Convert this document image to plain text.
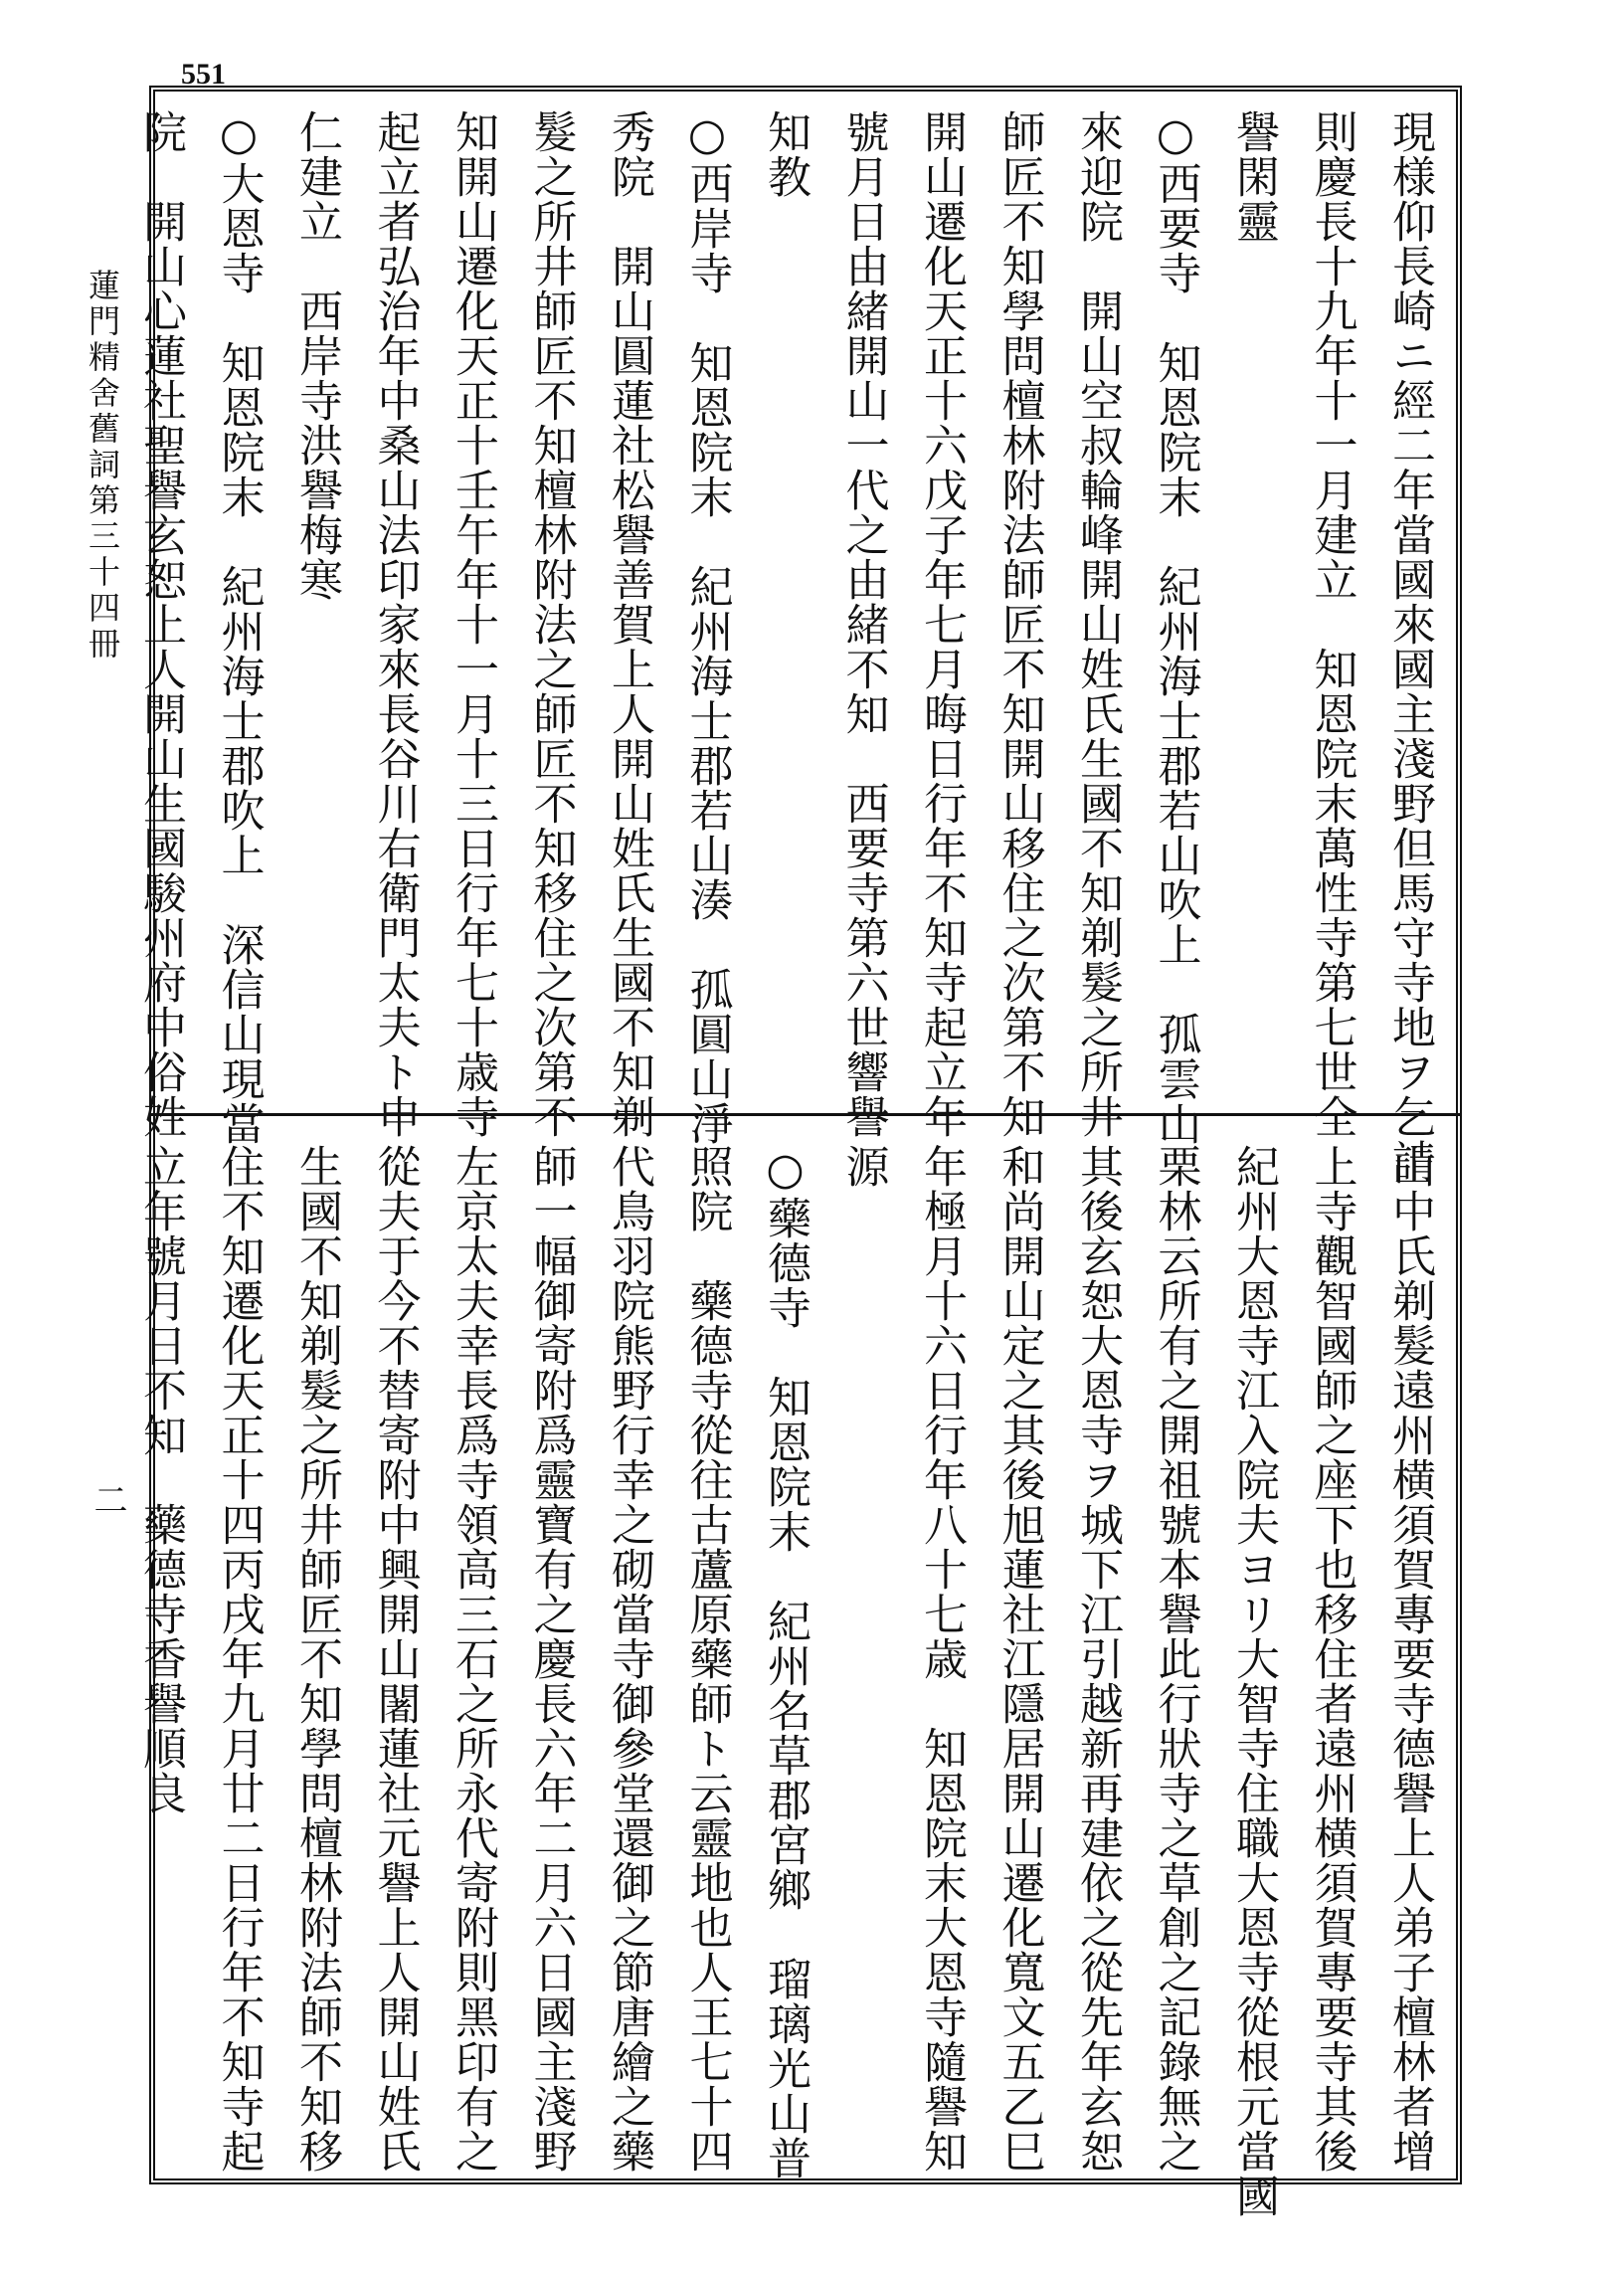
551
蓮門精舍舊詞第三十四冊
二
現様仰長崎ニ經二年當國來國主淺野但馬守寺地ヲ乞請
則慶長十九年十一月建立　知恩院末萬性寺第七世全
譽閑靈
○西要寺　知恩院末　紀州海士郡若山吹上　孤雲山
來迎院　開山空叔輪峰開山姓氏生國不知剃髮之所井
師匠不知學問檀林附法師匠不知開山移住之次第不知
開山遷化天正十六戊子年七月晦日行年不知寺起立年
號月日由緒開山一代之由緒不知　西要寺第六世響譽
知教
○西岸寺　知恩院末　紀州海士郡若山湊　孤圓山淨
秀院　開山圓蓮社松譽善賀上人開山姓氏生國不知剃
髮之所井師匠不知檀林附法之師匠不知移住之次第不
知開山遷化天正十壬午年十一月十三日行年七十歳寺
起立者弘治年中桑山法印家來長谷川右衛門太夫ト申
仁建立　西岸寺洪譽梅寒
○大恩寺　知恩院末　紀州海士郡吹上　深信山現當
院　開山心蓮社聖譽玄恕上人開山生國駿州府中俗姓
山中氏剃髮遠州横須賀專要寺德譽上人弟子檀林者增
上寺觀智國師之座下也移住者遠州横須賀專要寺其後
紀州大恩寺江入院夫ヨリ大智寺住職大恩寺從根元當國
栗林云所有之開祖號本譽此行狀寺之草創之記錄無之
其後玄恕大恩寺ヲ城下江引越新再建依之從先年玄恕
和尚開山定之其後旭蓮社江隱居開山遷化寬文五乙巳
年極月十六日行年八十七歳　知恩院末大恩寺隨譽知
源
○藥德寺　知恩院末　紀州名草郡宮鄉　瑠璃光山普
照院　藥德寺從往古蘆原藥師ト云靈地也人王七十四
代鳥羽院熊野行幸之砌當寺御參堂還御之節唐繪之藥
師一幅御寄附爲靈寶有之慶長六年二月六日國主淺野
左京太夫幸長爲寺領高三石之所永代寄附則黑印有之
從夫于今不替寄附中興開山闍蓮社元譽上人開山姓氏
生國不知剃髮之所井師匠不知學問檀林附法師不知移
住不知遷化天正十四丙戌年九月廿二日行年不知寺起
立年號月日不知　藥德寺香譽順良
